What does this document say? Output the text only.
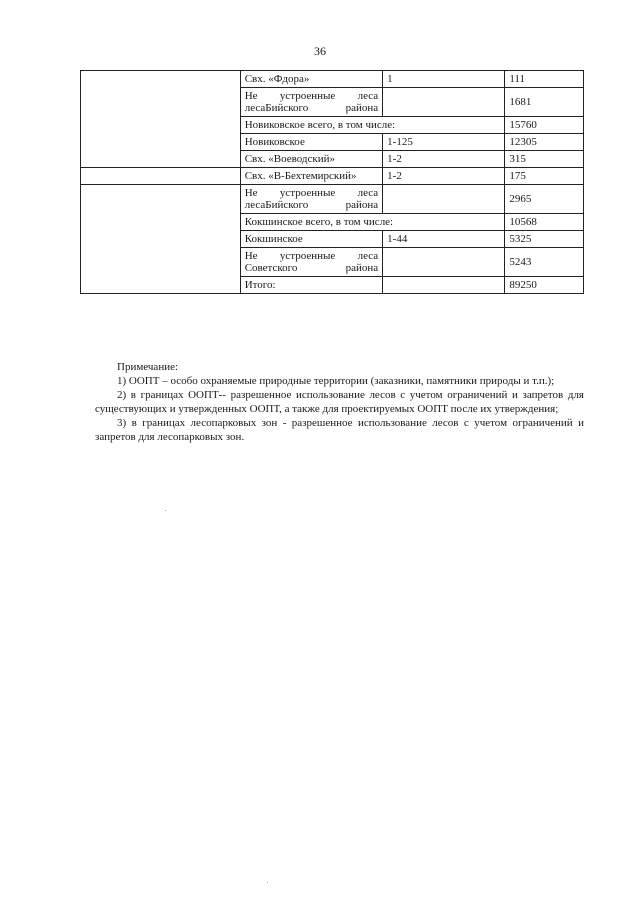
36
	Свх. «Фдора»	1	111
	Не устроенные леса лесаБийского района		1681
	Новиковское всего, в том числе:		15760
	Новиковское	1-125	12305
	Свх. «Воеводский»	1-2	315
	Свх. «В-Бехтемирский»	1-2	175
	Не устроенные леса лесаБийского района		2965
	Кокшинское всего, в том числе:		10568
	Кокшинское	1-44	5325
	Не устроенные леса Советского района		5243
	Итого:		89250

Примечание:

1) ООПТ – особо охраняемые природные территории (заказники, памятники природы и т.п.);

2) в границах ООПТ-- разрешенное использование лесов с учетом ограничений и запретов для существующих и утвержденных ООПТ, а также для проектируемых ООПТ после их утверждения;

3) в границах лесопарковых зон - разрешенное использование лесов с учетом ограничений и запретов для лесопарковых зон.
